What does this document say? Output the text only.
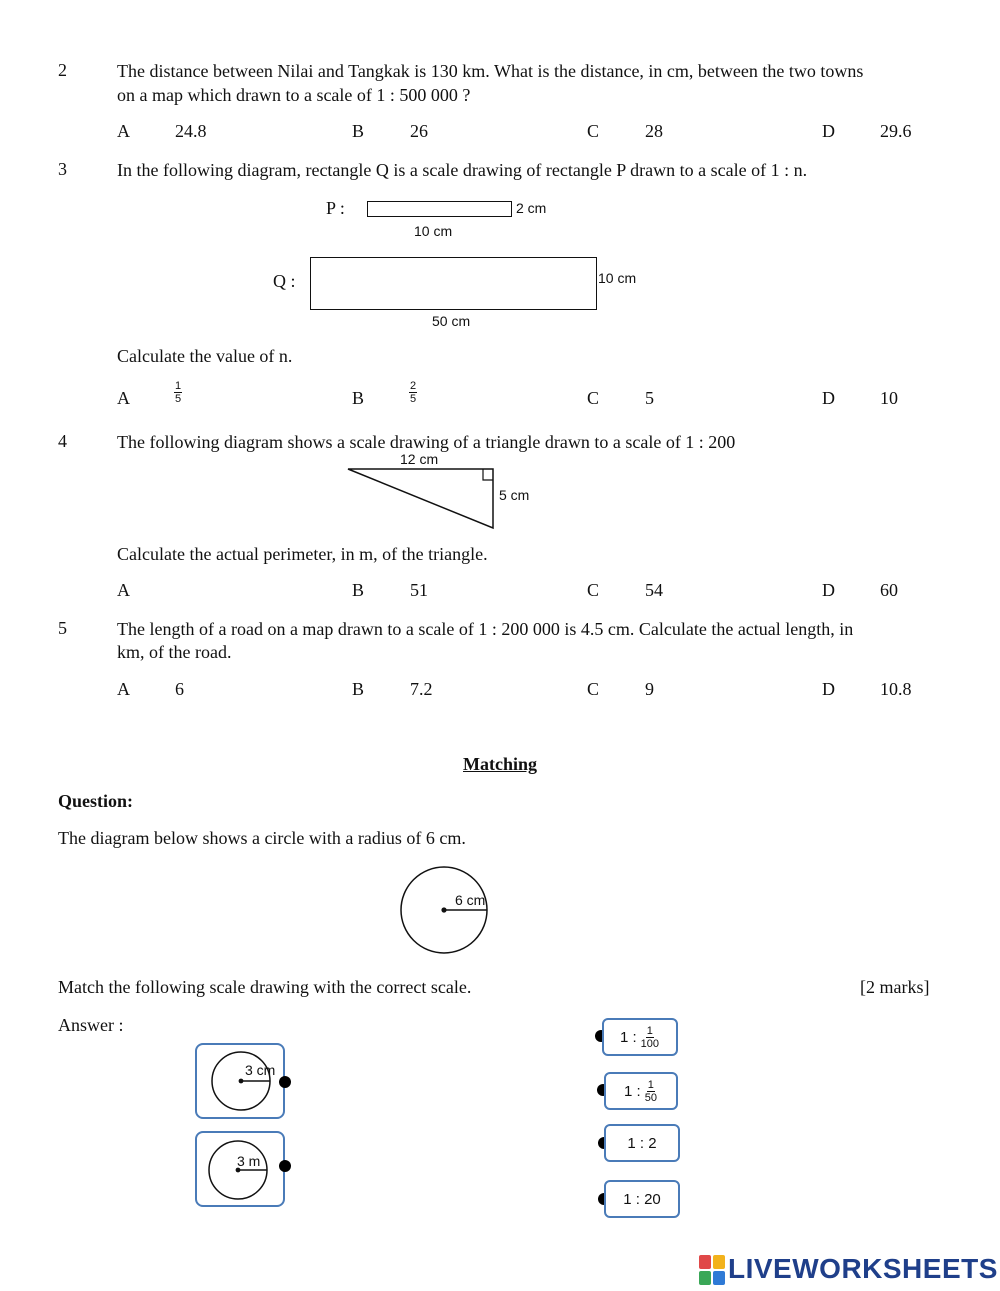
2	The distance between Nilai and Tangkak is 130 km. What is the distance, in cm, between the two towns
on a map which drawn to a scale of 1 : 500 000 ?
A	24.8	B	26	C	28	D	29.6
3	In the following diagram, rectangle Q is a scale drawing of rectangle P drawn to a scale of 1 : n.
P :	2 cm
10 cm
Q :	10 cm
50 cm
Calculate the value of n.
A	$\frac{1}{5}$	B	$\frac{2}{5}$	C	5	D	10
4	The following diagram shows a scale drawing of a triangle drawn to a scale of 1 : 200
12 cm
5 cm
Calculate the actual perimeter, in m, of the triangle.
A	B	51	C	54	D	60
5	The length of a road on a map drawn to a scale of 1 : 200 000 is 4.5 cm. Calculate the actual length, in
km, of the road.
A	6	B	7.2	C	9	D	10.8
Matching
Question:
The diagram below shows a circle with a radius of 6 cm.
6 cm
Match the following scale drawing with the correct scale.	[2 marks]
Answer :
3 cm
3 m
1 : $\frac{1}{100}$
1 : $\frac{1}{50}$
1 : 2
1 : 20
LIVEWORKSHEETS
